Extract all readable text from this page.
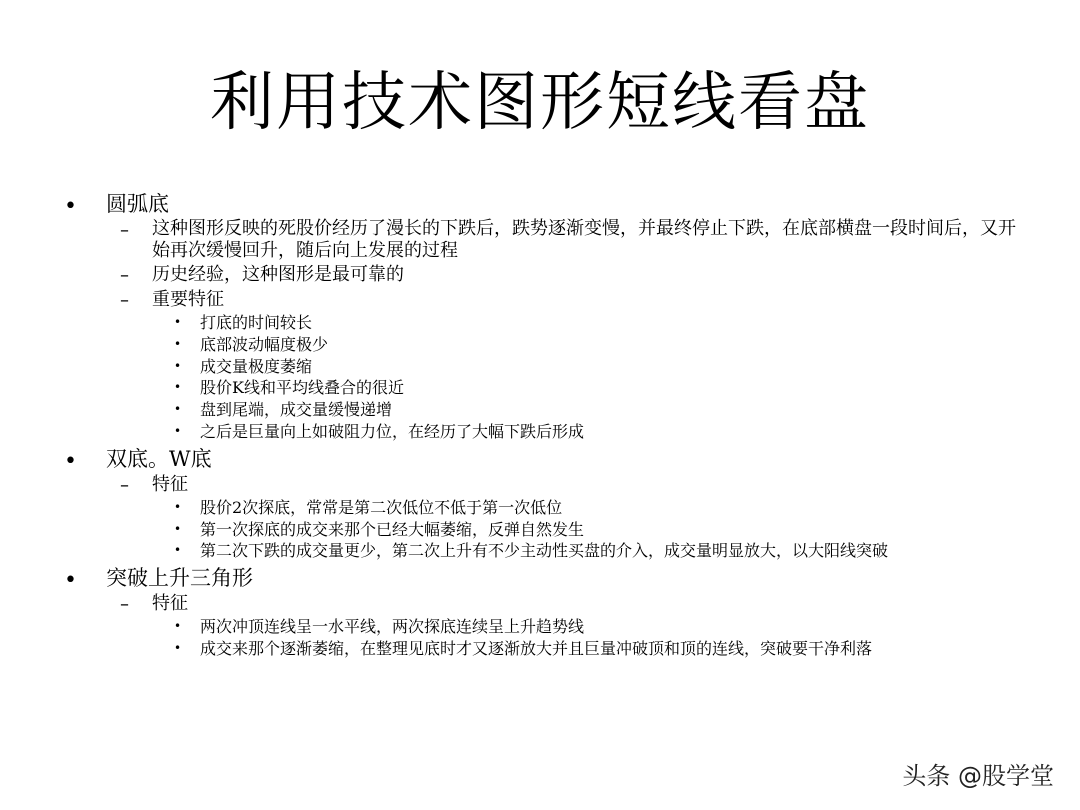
利用技术图形短线看盘
• 圆弧底
– 这种图形反映的死股价经历了漫长的下跌后，跌势逐渐变慢，并最终停止下跌，在底部横盘一段时间后，又开始再次缓慢回升，随后向上发展的过程
– 历史经验，这种图形是最可靠的
– 重要特征
• 打底的时间较长
• 底部波动幅度极少
• 成交量极度萎缩
• 股价K线和平均线叠合的很近
• 盘到尾端，成交量缓慢递增
• 之后是巨量向上如破阻力位，在经历了大幅下跌后形成
• 双底。W底
– 特征
• 股价2次探底，常常是第二次低位不低于第一次低位
• 第一次探底的成交来那个已经大幅萎缩，反弹自然发生
• 第二次下跌的成交量更少，第二次上升有不少主动性买盘的介入，成交量明显放大，以大阳线突破
• 突破上升三角形
– 特征
• 两次冲顶连线呈一水平线，两次探底连续呈上升趋势线
• 成交来那个逐渐萎缩，在整理见底时才又逐渐放大并且巨量冲破顶和顶的连线，突破要干净利落
头条 @股学堂
